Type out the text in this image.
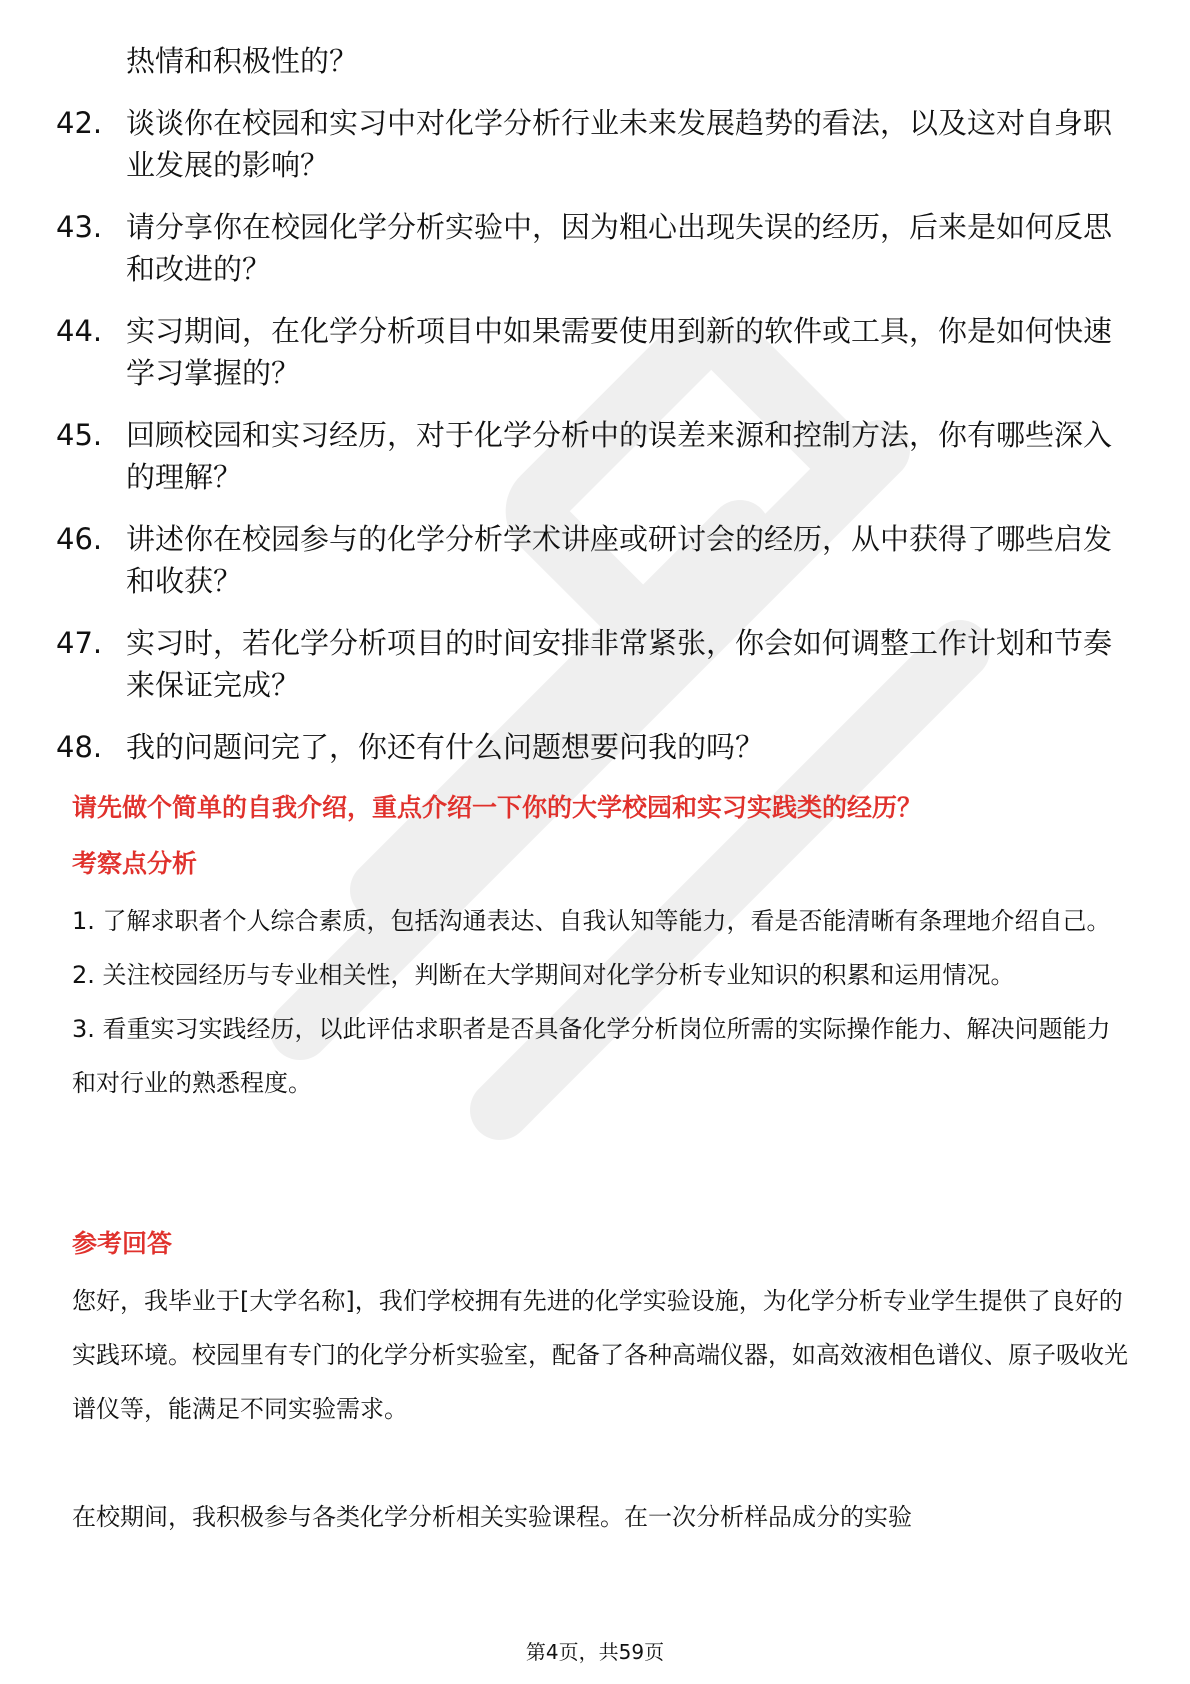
热情和积极性的？
42. 谈谈你在校园和实习中对化学分析行业未来发展趋势的看法，以及这对自身职业发展的影响？
43. 请分享你在校园化学分析实验中，因为粗心出现失误的经历，后来是如何反思和改进的？
44. 实习期间，在化学分析项目中如果需要使用到新的软件或工具，你是如何快速学习掌握的？
45. 回顾校园和实习经历，对于化学分析中的误差来源和控制方法，你有哪些深入的理解？
46. 讲述你在校园参与的化学分析学术讲座或研讨会的经历，从中获得了哪些启发和收获？
47. 实习时，若化学分析项目的时间安排非常紧张，你会如何调整工作计划和节奏来保证完成？
48. 我的问题问完了，你还有什么问题想要问我的吗？
请先做个简单的自我介绍，重点介绍一下你的大学校园和实习实践类的经历？
考察点分析
1. 了解求职者个人综合素质，包括沟通表达、自我认知等能力，看是否能清晰有条理地介绍自己。
2. 关注校园经历与专业相关性，判断在大学期间对化学分析专业知识的积累和运用情况。
3. 看重实习实践经历，以此评估求职者是否具备化学分析岗位所需的实际操作能力、解决问题能力和对行业的熟悉程度。
参考回答
您好，我毕业于[大学名称]，我们学校拥有先进的化学实验设施，为化学分析专业学生提供了良好的实践环境。校园里有专门的化学分析实验室，配备了各种高端仪器，如高效液相色谱仪、原子吸收光谱仪等，能满足不同实验需求。
在校期间，我积极参与各类化学分析相关实验课程。在一次分析样品成分的实验
第4页，共59页
